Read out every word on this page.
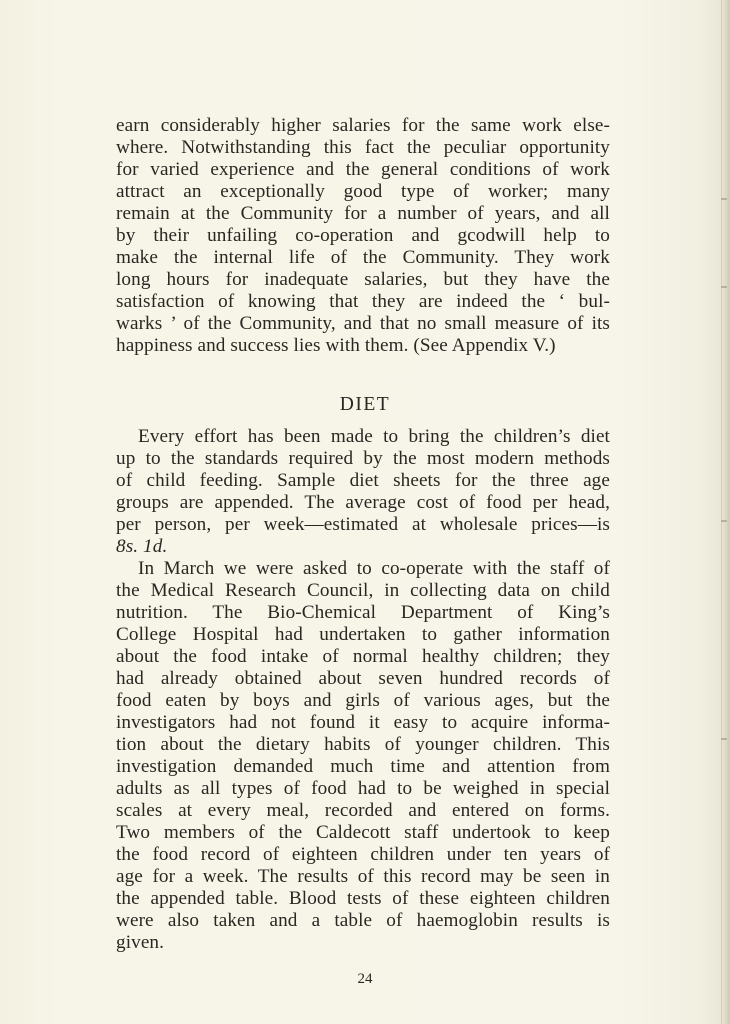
earn considerably higher salaries for the same work else-
where. Notwithstanding this fact the peculiar opportunity
for varied experience and the general conditions of work
attract an exceptionally good type of worker; many
remain at the Community for a number of years, and all
by their unfailing co-operation and gcodwill help to
make the internal life of the Community. They work
long hours for inadequate salaries, but they have the
satisfaction of knowing that they are indeed the ‘ bul-
warks ’ of the Community, and that no small measure of its
happiness and success lies with them. (See Appendix V.)
DIET
Every effort has been made to bring the children’s diet
up to the standards required by the most modern methods
of child feeding. Sample diet sheets for the three age
groups are appended. The average cost of food per head,
per person, per week—estimated at wholesale prices—is
8s. 1d.
In March we were asked to co-operate with the staff of
the Medical Research Council, in collecting data on child
nutrition. The Bio-Chemical Department of King’s
College Hospital had undertaken to gather information
about the food intake of normal healthy children; they
had already obtained about seven hundred records of
food eaten by boys and girls of various ages, but the
investigators had not found it easy to acquire informa-
tion about the dietary habits of younger children. This
investigation demanded much time and attention from
adults as all types of food had to be weighed in special
scales at every meal, recorded and entered on forms.
Two members of the Caldecott staff undertook to keep
the food record of eighteen children under ten years of
age for a week. The results of this record may be seen in
the appended table. Blood tests of these eighteen children
were also taken and a table of haemoglobin results is
given.
24
